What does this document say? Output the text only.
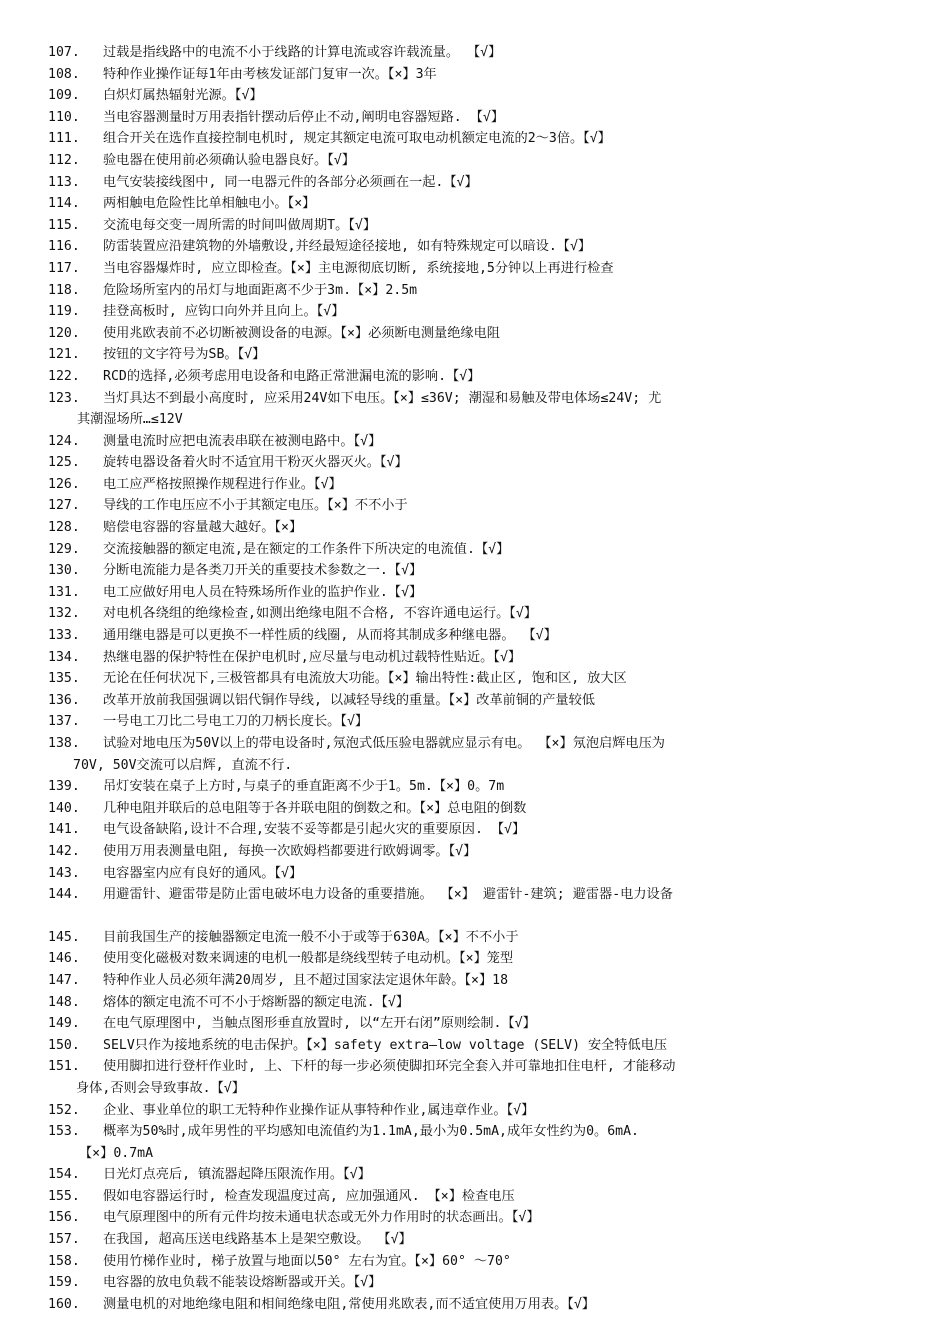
107.	过载是指线路中的电流不小于线路的计算电流或容许载流量。 【√】
108.	特种作业操作证每1年由考核发证部门复审一次。【×】3年
109.	白炽灯属热辐射光源。【√】
110.	当电容器测量时万用表指针摆动后停止不动,阐明电容器短路. 【√】
111.	组合开关在选作直接控制电机时, 规定其额定电流可取电动机额定电流的2～3倍。【√】
112.	验电器在使用前必须确认验电器良好。【√】
113.	电气安装接线图中, 同一电器元件的各部分必须画在一起.【√】
114.	两相触电危险性比单相触电小。【×】
115.	交流电每交变一周所需的时间叫做周期T。【√】
116.	防雷装置应沿建筑物的外墙敷设,并经最短途径接地, 如有特殊规定可以暗设.【√】
117.	当电容器爆炸时, 应立即检查。【×】主电源彻底切断, 系统接地,5分钟以上再进行检查
118.	危险场所室内的吊灯与地面距离不少于3m.【×】2.5m
119.	挂登高板时, 应钩口向外并且向上。【√】
120.	使用兆欧表前不必切断被测设备的电源。【×】必须断电测量绝缘电阻
121.	按钮的文字符号为SB。【√】
122.	RCD的选择,必须考虑用电设备和电路正常泄漏电流的影响.【√】
123.	当灯具达不到最小高度时, 应采用24V如下电压。【×】≤36V; 潮湿和易触及带电体场≤24V; 尤
其潮湿场所…≤12V
124.	测量电流时应把电流表串联在被测电路中。【√】
125.	旋转电器设备着火时不适宜用干粉灭火器灭火。【√】
126.	电工应严格按照操作规程进行作业。【√】
127.	导线的工作电压应不小于其额定电压。【×】不不小于
128.	赔偿电容器的容量越大越好。【×】
129.	交流接触器的额定电流,是在额定的工作条件下所决定的电流值.【√】
130.	分断电流能力是各类刀开关的重要技术参数之一.【√】
131.	电工应做好用电人员在特殊场所作业的监护作业.【√】
132.	对电机各绕组的绝缘检查,如测出绝缘电阻不合格, 不容许通电运行。【√】
133.	通用继电器是可以更换不一样性质的线圈, 从而将其制成多种继电器。 【√】
134.	热继电器的保护特性在保护电机时,应尽量与电动机过载特性贴近。【√】
135.	无论在任何状况下,三极管都具有电流放大功能。【×】输出特性:截止区, 饱和区, 放大区
136.	改革开放前我国强调以铝代铜作导线, 以减轻导线的重量。【×】改革前铜的产量较低
137.	一号电工刀比二号电工刀的刀柄长度长。【√】
138.	试验对地电压为50V以上的带电设备时,氖泡式低压验电器就应显示有电。 【×】氖泡启辉电压为
70V, 50V交流可以启辉, 直流不行.
139.	吊灯安装在桌子上方时,与桌子的垂直距离不少于1。5m.【×】0。7m
140.	几种电阻并联后的总电阻等于各并联电阻的倒数之和。【×】总电阻的倒数
141.	电气设备缺陷,设计不合理,安装不妥等都是引起火灾的重要原因. 【√】
142.	使用万用表测量电阻, 每换一次欧姆档都要进行欧姆调零。【√】
143.	电容器室内应有良好的通风。【√】
144.	用避雷针、避雷带是防止雷电破坏电力设备的重要措施。 【×】 避雷针-建筑; 避雷器-电力设备
145.	目前我国生产的接触器额定电流一般不小于或等于630A。【×】不不小于
146.	使用变化磁极对数来调速的电机一般都是绕线型转子电动机。【×】笼型
147.	特种作业人员必须年满20周岁, 且不超过国家法定退休年龄。【×】18
148.	熔体的额定电流不可不小于熔断器的额定电流.【√】
149.	在电气原理图中, 当触点图形垂直放置时, 以“左开右闭”原则绘制.【√】
150.	SELV只作为接地系统的电击保护。【×】safety extra—low voltage (SELV) 安全特低电压
151.	使用脚扣进行登杆作业时, 上、下杆的每一步必须使脚扣环完全套入并可靠地扣住电杆, 才能移动
身体,否则会导致事故.【√】
152.	企业、事业单位的职工无特种作业操作证从事特种作业,属违章作业。【√】
153.	概率为50%时,成年男性的平均感知电流值约为1.1mA,最小为0.5mA,成年女性约为0。6mA.
【×】0.7mA
154.	日光灯点亮后, 镇流器起降压限流作用。【√】
155.	假如电容器运行时, 检查发现温度过高, 应加强通风. 【×】检查电压
156.	电气原理图中的所有元件均按未通电状态或无外力作用时的状态画出。【√】
157.	在我国, 超高压送电线路基本上是架空敷设。 【√】
158.	使用竹梯作业时, 梯子放置与地面以50° 左右为宜。【×】60° ～70°
159.	电容器的放电负载不能装设熔断器或开关。【√】
160.	测量电机的对地绝缘电阻和相间绝缘电阻,常使用兆欧表,而不适宜使用万用表。【√】
